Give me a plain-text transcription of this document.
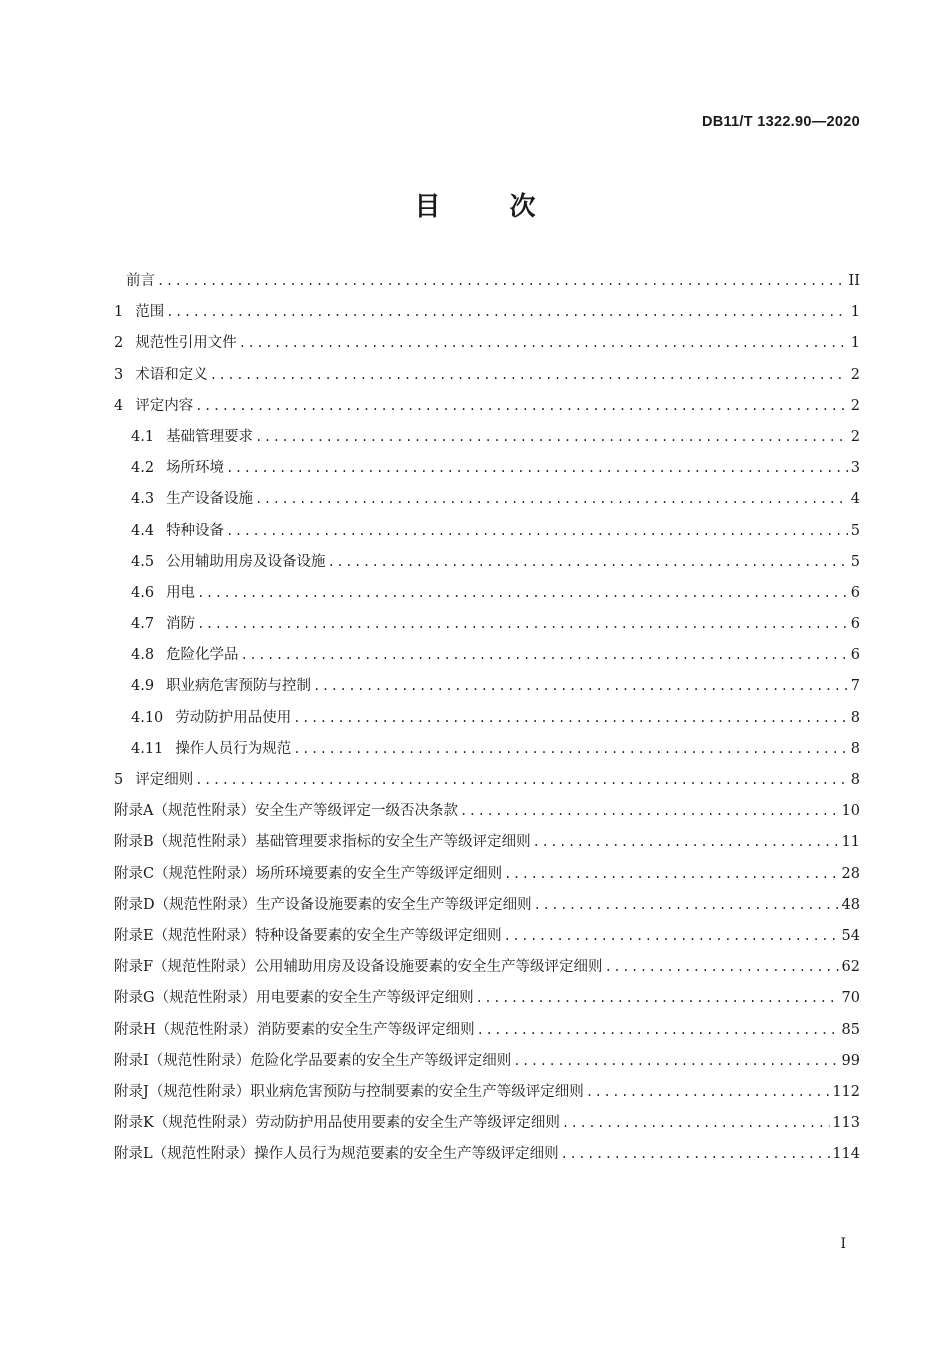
DB11/T 1322.90—2020
目 次
前言 .....	II
1 范围 .....	1
2 规范性引用文件 .....	1
3 术语和定义 .....	2
4 评定内容 .....	2
4.1 基础管理要求 .....	2
4.2 场所环境 .....	3
4.3 生产设备设施 .....	4
4.4 特种设备 .....	5
4.5 公用辅助用房及设备设施 .....	5
4.6 用电 .....	6
4.7 消防 .....	6
4.8 危险化学品 .....	6
4.9 职业病危害预防与控制 .....	7
4.10 劳动防护用品使用 .....	8
4.11 操作人员行为规范 .....	8
5 评定细则 .....	8
附录A（规范性附录） 安全生产等级评定一级否决条款 .....	10
附录B（规范性附录） 基础管理要求指标的安全生产等级评定细则 .....	11
附录C（规范性附录） 场所环境要素的安全生产等级评定细则 .....	28
附录D（规范性附录） 生产设备设施要素的安全生产等级评定细则 .....	48
附录E（规范性附录） 特种设备要素的安全生产等级评定细则 .....	54
附录F（规范性附录） 公用辅助用房及设备设施要素的安全生产等级评定细则 .....	62
附录G（规范性附录） 用电要素的安全生产等级评定细则 .....	70
附录H（规范性附录） 消防要素的安全生产等级评定细则 .....	85
附录I（规范性附录） 危险化学品要素的安全生产等级评定细则 .....	99
附录J（规范性附录） 职业病危害预防与控制要素的安全生产等级评定细则 .....	112
附录K（规范性附录） 劳动防护用品使用要素的安全生产等级评定细则 .....	113
附录L（规范性附录） 操作人员行为规范要素的安全生产等级评定细则 .....	114
I
